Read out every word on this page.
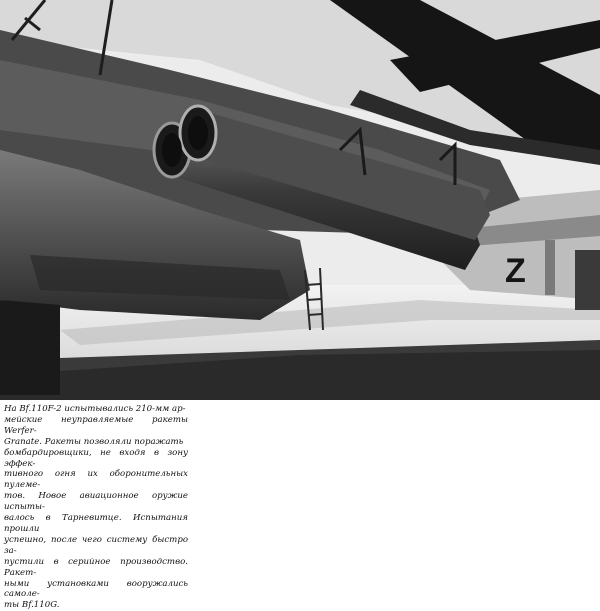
Z

На Bf.110F-2 испытывались 210-мм ар-
мейские неуправляемые ракеты Werfer-
Granate. Ракеты позволяли поражать
бомбардировщики, не входя в зону эффек-
тивного огня их оборонительных пулеме-
тов. Новое авиационное оружие испыты-
валось в Тарневитце. Испытания прошли
успешно, после чего систему быстро за-
пустили в серийное производство. Ракет-
ными установками вооружались самоле-
ты Bf.110G.
